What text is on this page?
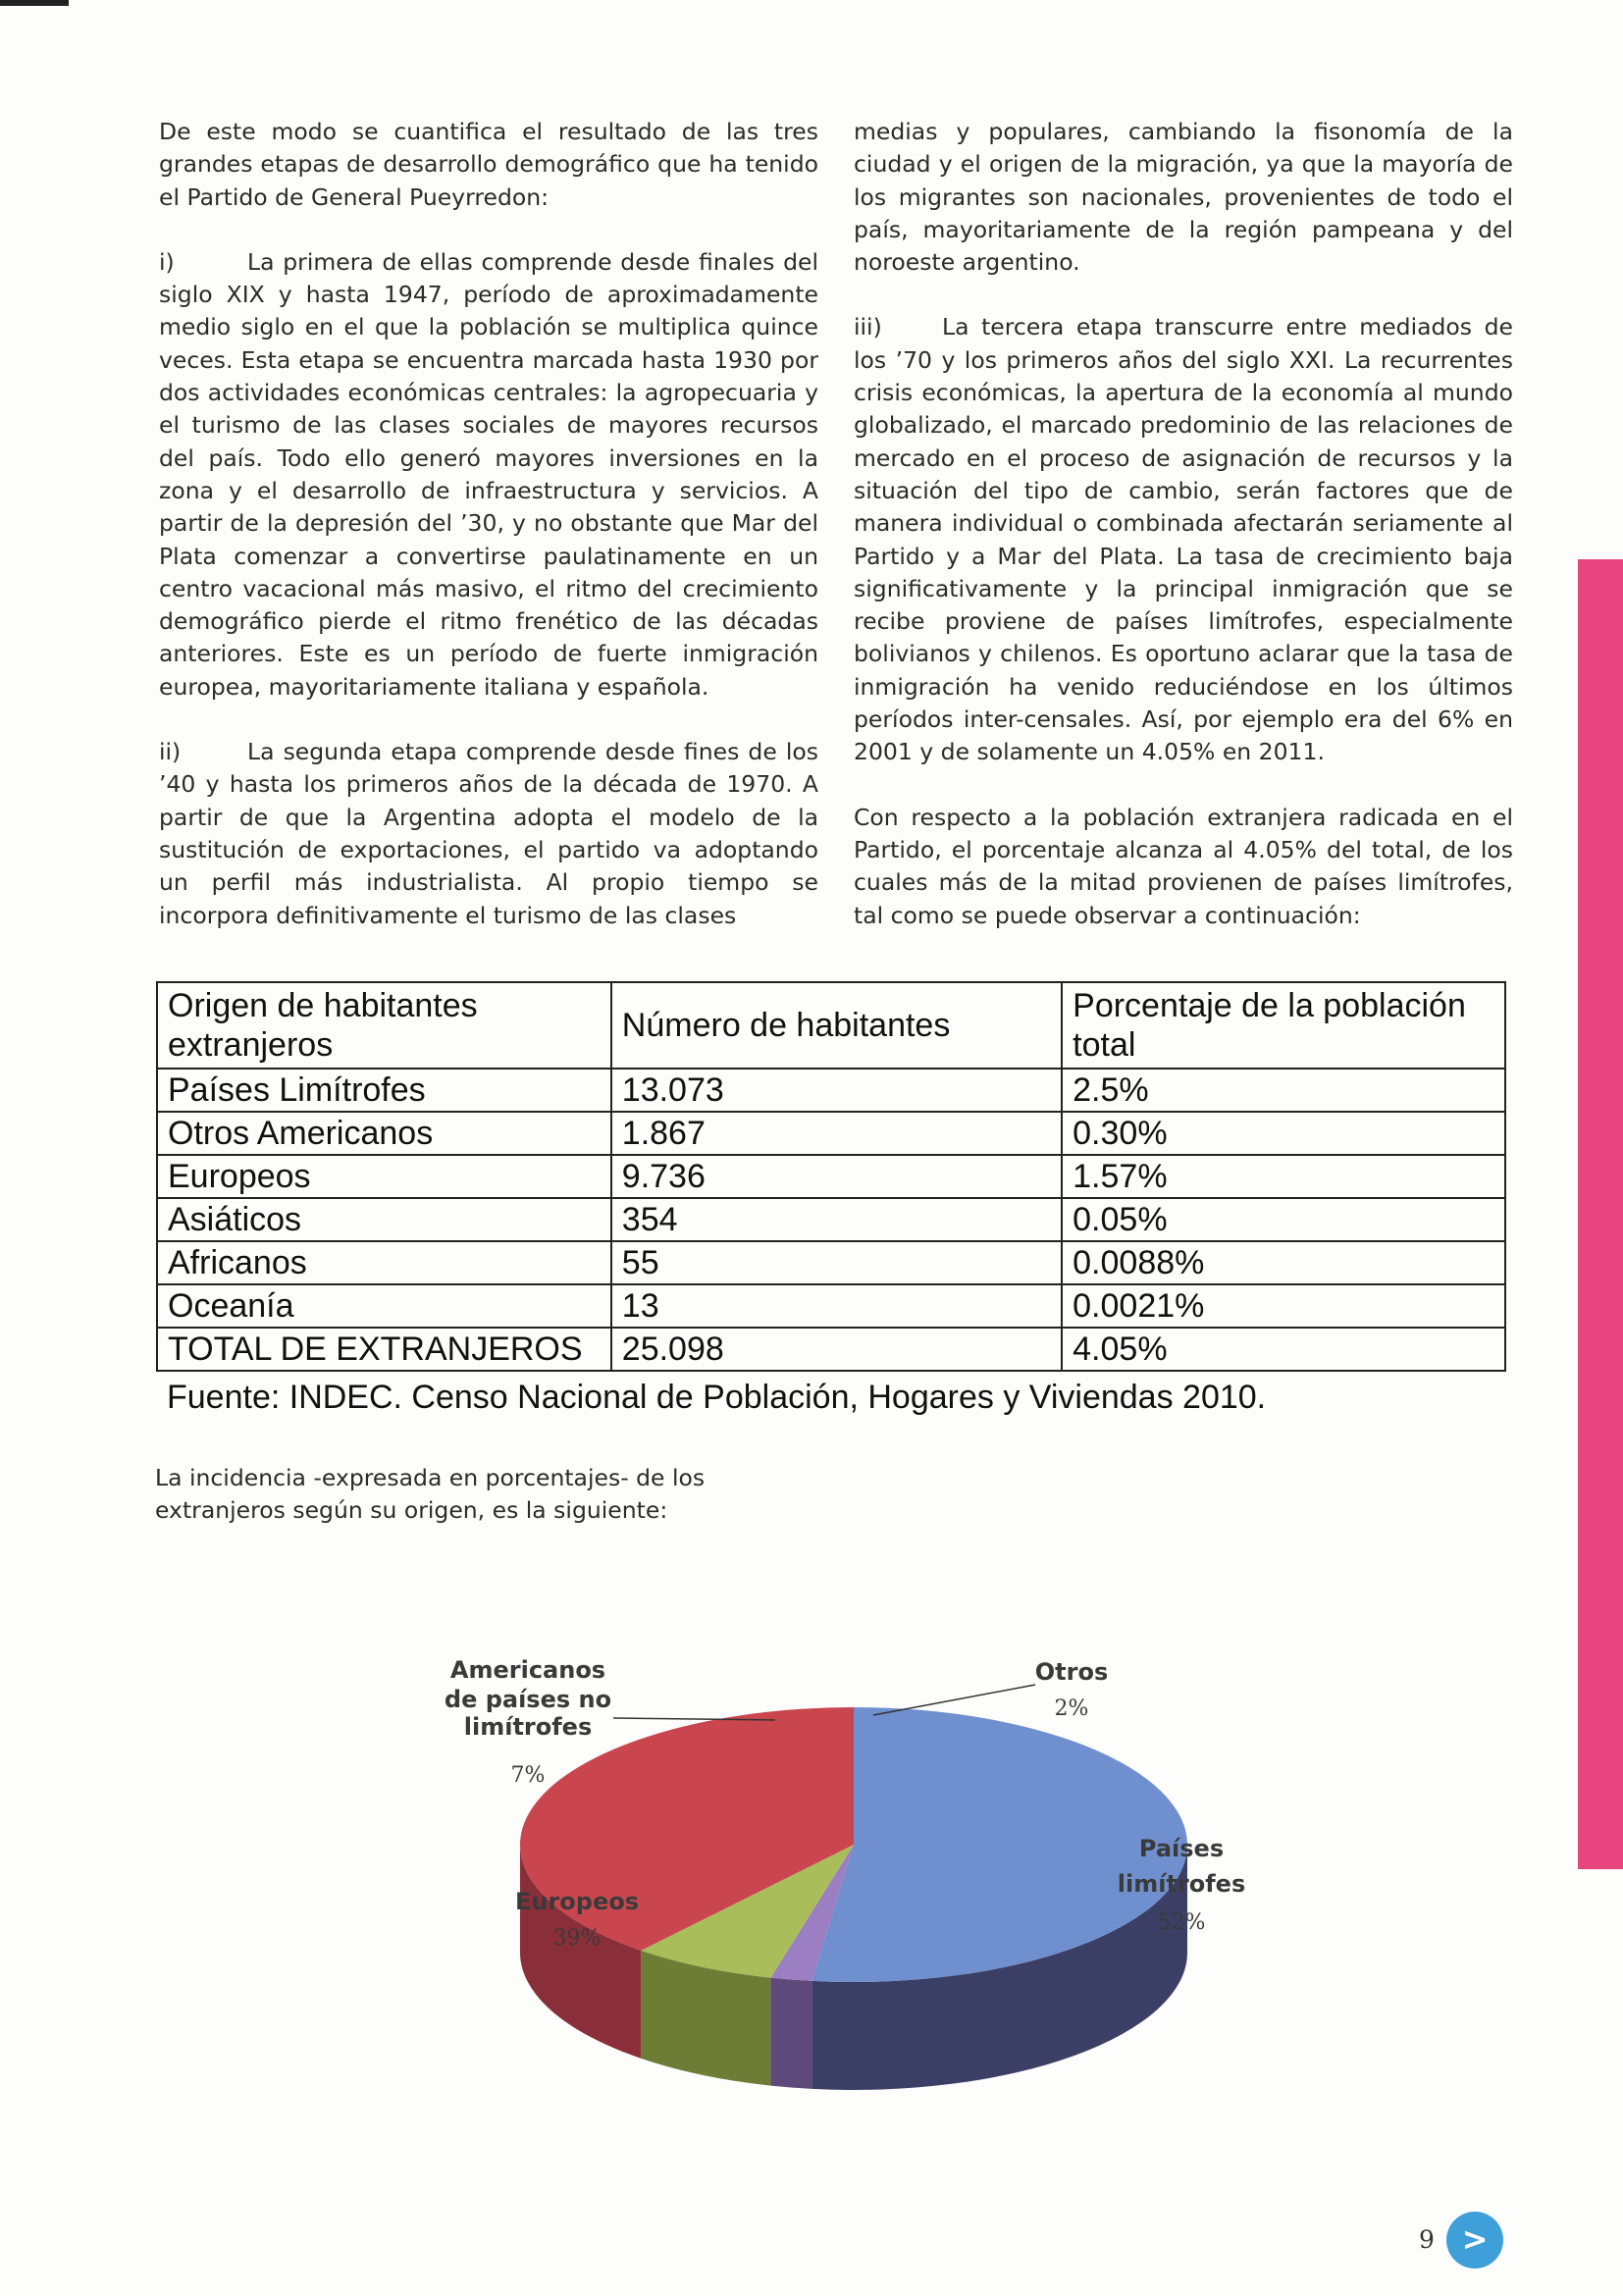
De este modo se cuantifica el resultado de las tres grandes etapas de desarrollo demográfico que ha tenido el Partido de General Pueyrredon:

i)	La primera de ellas comprende desde finales del siglo XIX y hasta 1947, período de aproximadamente medio siglo en el que la población se multiplica quince veces. Esta etapa se encuentra marcada hasta 1930 por dos actividades económicas centrales: la agropecuaria y el turismo de las clases sociales de mayores recursos del país. Todo ello generó mayores inversiones en la zona y el desarrollo de infraestructura y servicios. A partir de la depresión del ’30, y no obstante que Mar del Plata comenzar a convertirse paulatinamente en un centro vacacional más masivo, el ritmo del crecimiento demográfico pierde el ritmo frenético de las décadas anteriores. Este es un período de fuerte inmigración europea, mayoritariamente italiana y española.

ii)	La segunda etapa comprende desde fines de los ’40 y hasta los primeros años de la década de 1970. A partir de que la Argentina adopta el modelo de la sustitución de exportaciones, el partido va adoptando un perfil más industrialista. Al propio tiempo se incorpora definitivamente el turismo de las clases

medias y populares, cambiando la fisonomía de la ciudad y el origen de la migración, ya que la mayoría de los migrantes son nacionales, provenientes de todo el país, mayoritariamente de la región pampeana y del noroeste argentino.

iii)	La tercera etapa transcurre entre mediados de los ’70 y los primeros años del siglo XXI. La recurrentes crisis económicas, la apertura de la economía al mundo globalizado, el marcado predominio de las relaciones de mercado en el proceso de asignación de recursos y la situación del tipo de cambio, serán factores que de manera individual o combinada afectarán seriamente al Partido y a Mar del Plata. La tasa de crecimiento baja significativamente y la principal inmigración que se recibe proviene de países limítrofes, especialmente bolivianos y chilenos. Es oportuno aclarar que la tasa de inmigración ha venido reduciéndose en los últimos períodos inter-censales. Así, por ejemplo era del 6% en 2001 y de solamente un 4.05% en 2011.

Con respecto a la población extranjera radicada en el Partido, el porcentaje alcanza al 4.05% del total, de los cuales más de la mitad provienen de países limítrofes, tal como se puede observar a continuación:

Origen de habitantes extranjeros	Número de habitantes	Porcentaje de la población total
Países Limítrofes	13.073	2.5%
Otros Americanos	1.867	0.30%
Europeos	9.736	1.57%
Asiáticos	354	0.05%
Africanos	55	0.0088%
Oceanía	13	0.0021%
TOTAL DE EXTRANJEROS	25.098	4.05%
Fuente: INDEC. Censo Nacional de Población, Hogares y Viviendas 2010.
La incidencia -expresada en porcentajes- de los extranjeros según su origen, es la siguiente:
Americanos
de países no
limítrofes
7%
Otros
2%
Países
limítrofes
52%
Europeos
39%
9 >
